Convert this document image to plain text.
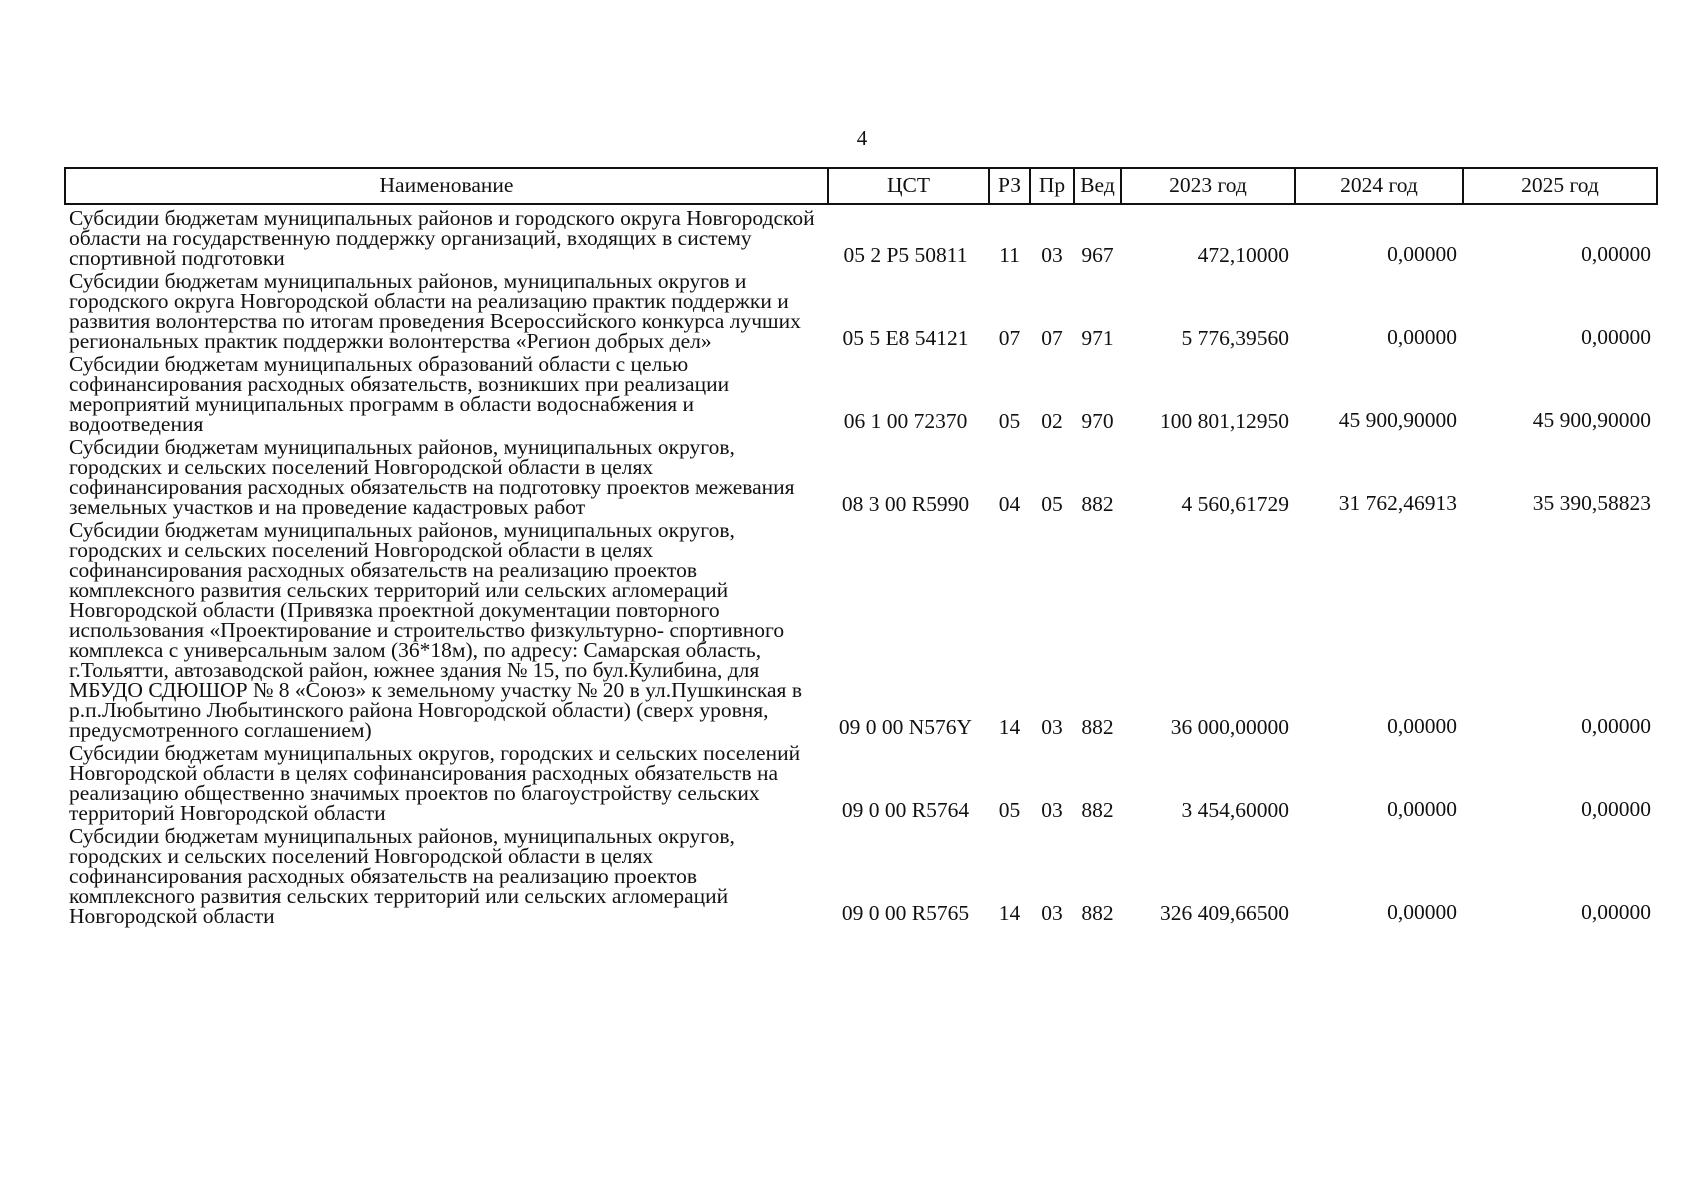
4
Наименование	ЦСТ	РЗ	Пр	Вед	2023 год	2024 год	2025 год
Субсидии бюджетам муниципальных районов и городского округа Новгородской области на государственную поддержку организаций, входящих в систему спортивной подготовки	05 2 P5 50811	11	03	967	472,10000	0,00000	0,00000
Субсидии бюджетам муниципальных районов, муниципальных округов и городского округа Новгородской области на реализацию практик поддержки и развития волонтерства по итогам проведения Всероссийского конкурса лучших региональных практик поддержки волонтерства «Регион добрых дел»	05 5 E8 54121	07	07	971	5 776,39560	0,00000	0,00000
Субсидии бюджетам муниципальных образований области с целью софинансирования расходных обязательств, возникших при реализации мероприятий муниципальных программ в области водоснабжения и водоотведения	06 1 00 72370	05	02	970	100 801,12950	45 900,90000	45 900,90000
Субсидии бюджетам муниципальных районов, муниципальных округов, городских и сельских поселений Новгородской области в целях софинансирования расходных обязательств на подготовку проектов межевания земельных участков и на проведение кадастровых работ	08 3 00 R5990	04	05	882	4 560,61729	31 762,46913	35 390,58823
Субсидии бюджетам муниципальных районов, муниципальных округов, городских и сельских поселений Новгородской области в целях софинансирования расходных обязательств на реализацию проектов комплексного развития сельских территорий или сельских агломераций Новгородской области (Привязка проектной документации повторного использования «Проектирование и строительство физкультурно- спортивного комплекса с универсальным залом (36*18м), по адресу: Самарская область, г.Тольятти, автозаводской район, южнее здания № 15, по бул.Кулибина, для МБУДО СДЮШОР № 8 «Союз» к земельному участку № 20 в ул.Пушкинская в р.п.Любытино Любытинского района Новгородской области) (сверх уровня, предусмотренного соглашением)	09 0 00 N576Y	14	03	882	36 000,00000	0,00000	0,00000
Субсидии бюджетам муниципальных округов, городских и сельских поселений Новгородской области в целях софинансирования расходных обязательств на реализацию общественно значимых проектов по благоустройству сельских территорий Новгородской области	09 0 00 R5764	05	03	882	3 454,60000	0,00000	0,00000
Субсидии бюджетам муниципальных районов, муниципальных округов, городских и сельских поселений Новгородской области в целях софинансирования расходных обязательств на реализацию проектов комплексного развития сельских территорий или сельских агломераций Новгородской области	09 0 00 R5765	14	03	882	326 409,66500	0,00000	0,00000
